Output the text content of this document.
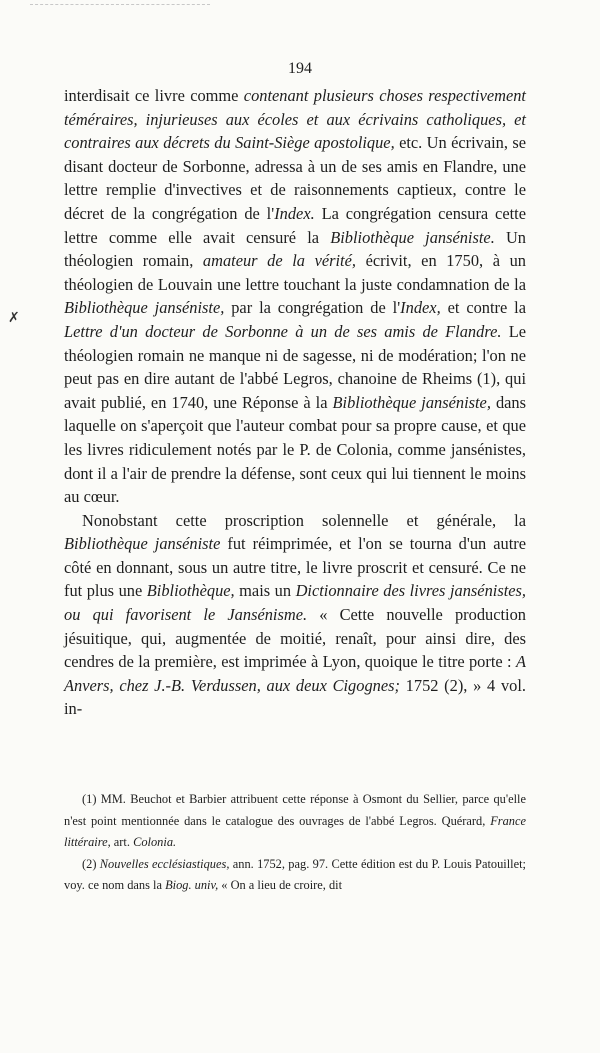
194
✗

interdisait ce livre comme contenant plusieurs choses respectivement téméraires, injurieuses aux écoles et aux écrivains catholiques, et contraires aux décrets du Saint-Siège apostolique, etc. Un écrivain, se disant docteur de Sorbonne, adressa à un de ses amis en Flandre, une lettre remplie d'invectives et de raisonnements captieux, contre le décret de la congrégation de l'Index. La congrégation censura cette lettre comme elle avait censuré la Bibliothèque janséniste. Un théologien romain, amateur de la vérité, écrivit, en 1750, à un théologien de Louvain une lettre touchant la juste condamnation de la Bibliothèque janséniste, par la congrégation de l'Index, et contre la Lettre d'un docteur de Sorbonne à un de ses amis de Flandre. Le théologien romain ne manque ni de sagesse, ni de modération; l'on ne peut pas en dire autant de l'abbé Legros, chanoine de Rheims (1), qui avait publié, en 1740, une Réponse à la Bibliothèque janséniste, dans laquelle on s'aperçoit que l'auteur combat pour sa propre cause, et que les livres ridiculement notés par le P. de Colonia, comme jansénistes, dont il a l'air de prendre la défense, sont ceux qui lui tiennent le moins au cœur.

Nonobstant cette proscription solennelle et générale, la Bibliothèque janséniste fut réimprimée, et l'on se tourna d'un autre côté en donnant, sous un autre titre, le livre proscrit et censuré. Ce ne fut plus une Bibliothèque, mais un Dictionnaire des livres jansénistes, ou qui favorisent le Jansénisme. « Cette nouvelle production jésuitique, qui, augmentée de moitié, renaît, pour ainsi dire, des cendres de la première, est imprimée à Lyon, quoique le titre porte : A Anvers, chez J.-B. Verdussen, aux deux Cigognes; 1752 (2), » 4 vol. in-

(1) MM. Beuchot et Barbier attribuent cette réponse à Osmont du Sellier, parce qu'elle n'est point mentionnée dans le catalogue des ouvrages de l'abbé Legros. Quérard, France littéraire, art. Colonia.

(2) Nouvelles ecclésiastiques, ann. 1752, pag. 97. Cette édition est du P. Louis Patouillet; voy. ce nom dans la Biog. univ, « On a lieu de croire, dit
